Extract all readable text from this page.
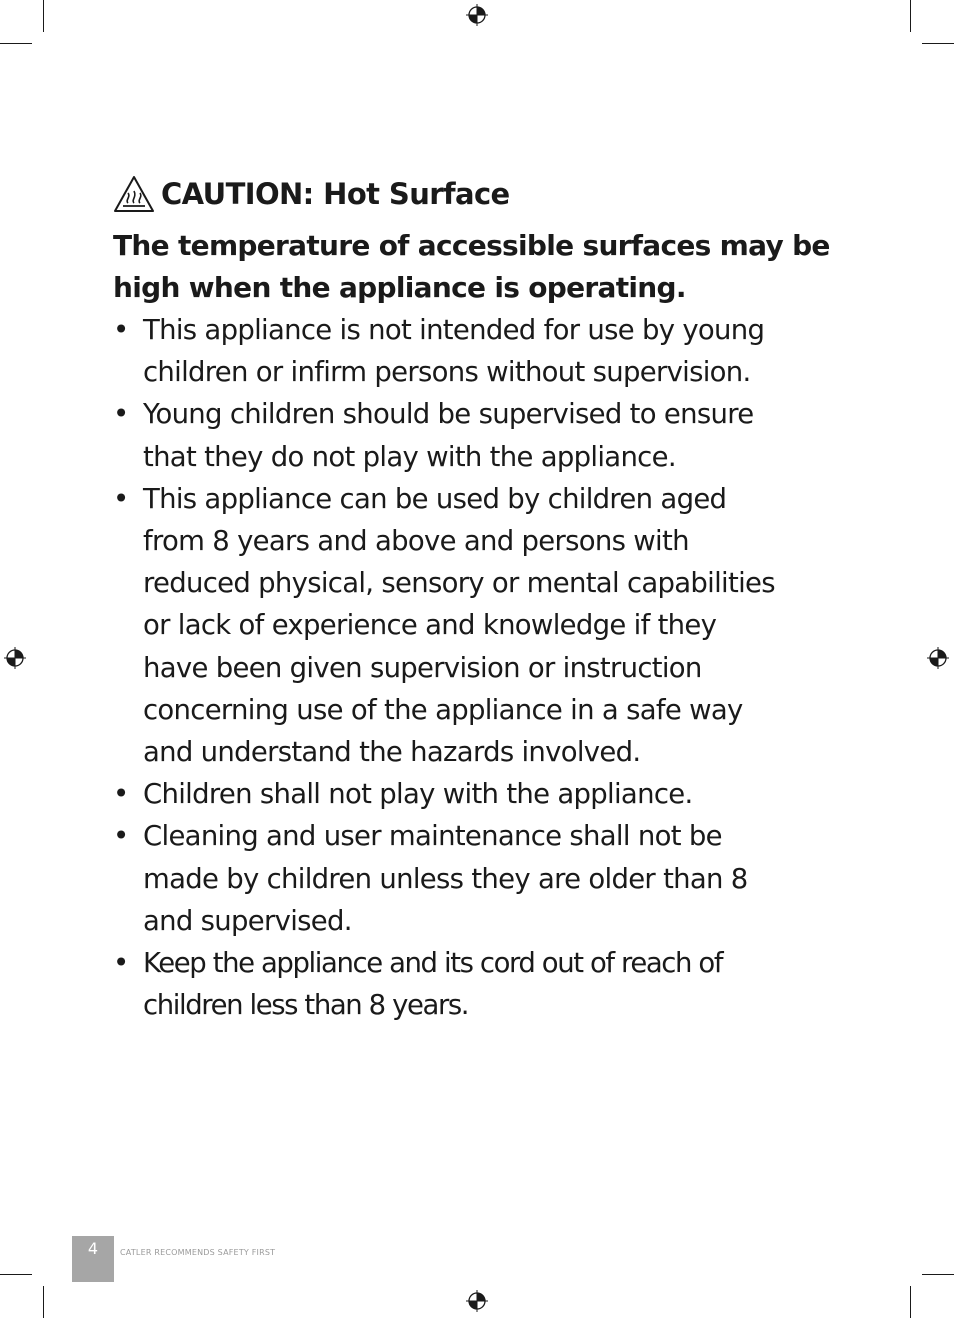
CAUTION: Hot Surface
The temperature of accessible surfaces may be
high when the appliance is operating.
• This appliance is not intended for use by young
children or infirm persons without supervision.
• Young children should be supervised to ensure
that they do not play with the appliance.
• This appliance can be used by children aged
from 8 years and above and persons with
reduced physical, sensory or mental capabilities
or lack of experience and knowledge if they
have been given supervision or instruction
concerning use of the appliance in a safe way
and understand the hazards involved.
• Children shall not play with the appliance.
• Cleaning and user maintenance shall not be
made by children unless they are older than 8
and supervised.
• Keep the appliance and its cord out of reach of
children less than 8 years.
4	CATLER RECOMMENDS SAFETY FIRST
